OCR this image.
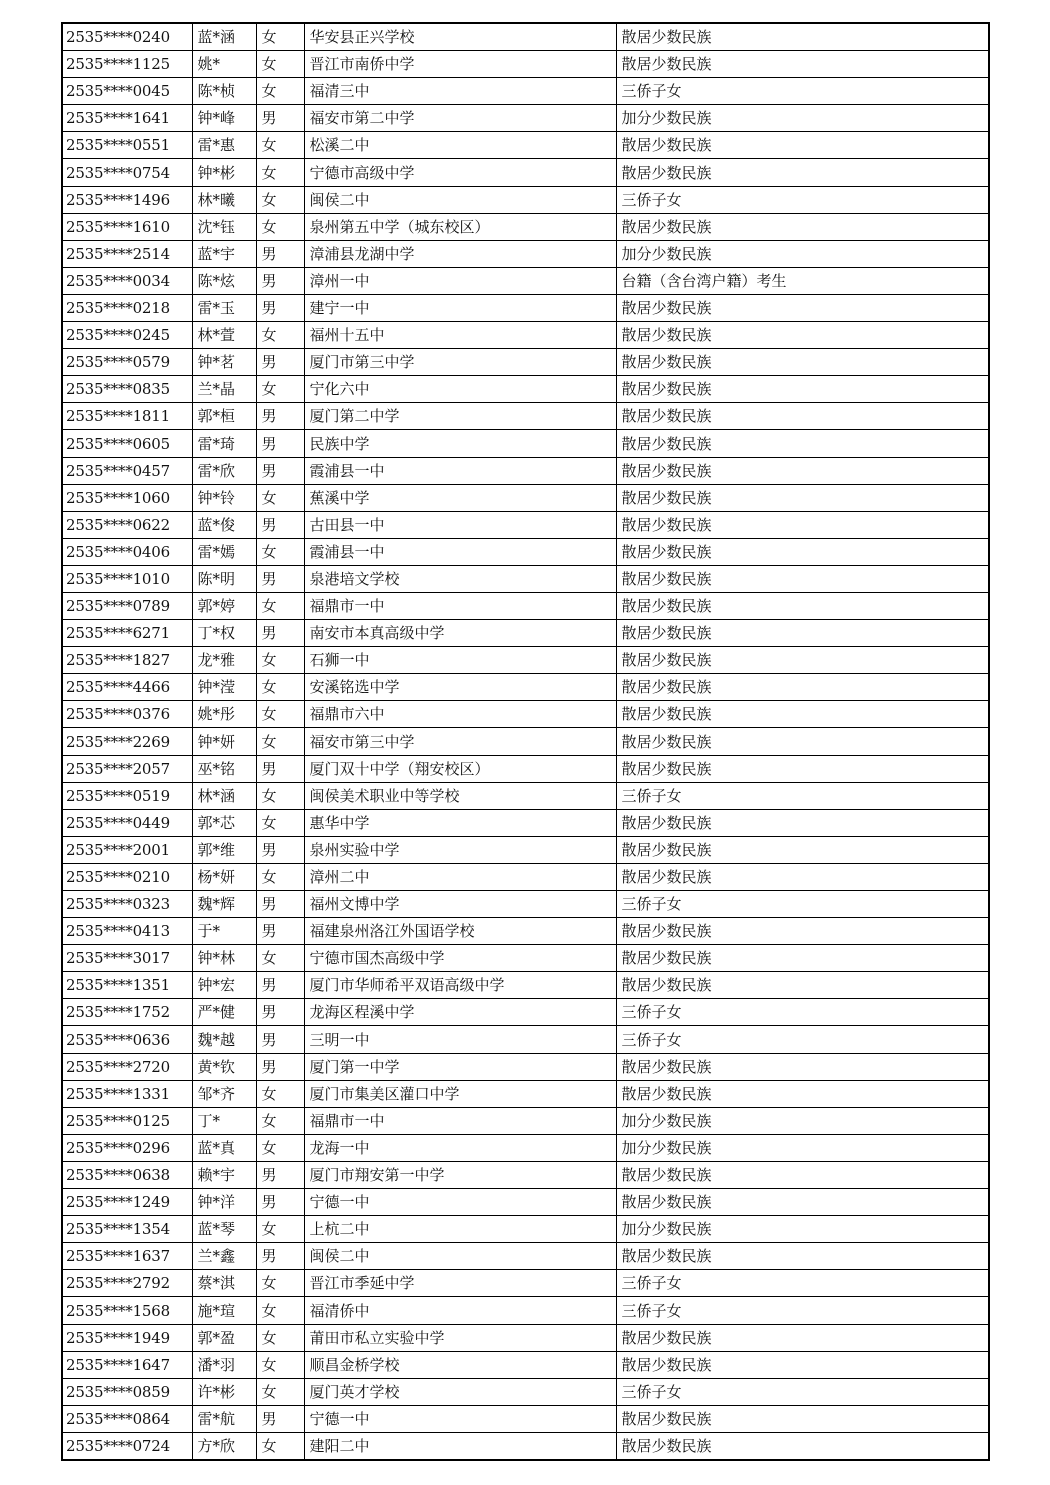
2535****0240	蓝*涵	女	华安县正兴学校	散居少数民族
2535****1125	姚*	女	晋江市南侨中学	散居少数民族
2535****0045	陈*桢	女	福清三中	三侨子女
2535****1641	钟*峰	男	福安市第二中学	加分少数民族
2535****0551	雷*惠	女	松溪二中	散居少数民族
2535****0754	钟*彬	女	宁德市高级中学	散居少数民族
2535****1496	林*曦	女	闽侯二中	三侨子女
2535****1610	沈*钰	女	泉州第五中学（城东校区）	散居少数民族
2535****2514	蓝*宇	男	漳浦县龙湖中学	加分少数民族
2535****0034	陈*炫	男	漳州一中	台籍（含台湾户籍）考生
2535****0218	雷*玉	男	建宁一中	散居少数民族
2535****0245	林*萱	女	福州十五中	散居少数民族
2535****0579	钟*茗	男	厦门市第三中学	散居少数民族
2535****0835	兰*晶	女	宁化六中	散居少数民族
2535****1811	郭*桓	男	厦门第二中学	散居少数民族
2535****0605	雷*琦	男	民族中学	散居少数民族
2535****0457	雷*欣	男	霞浦县一中	散居少数民族
2535****1060	钟*铃	女	蕉溪中学	散居少数民族
2535****0622	蓝*俊	男	古田县一中	散居少数民族
2535****0406	雷*嫣	女	霞浦县一中	散居少数民族
2535****1010	陈*明	男	泉港培文学校	散居少数民族
2535****0789	郭*婷	女	福鼎市一中	散居少数民族
2535****6271	丁*权	男	南安市本真高级中学	散居少数民族
2535****1827	龙*雅	女	石狮一中	散居少数民族
2535****4466	钟*滢	女	安溪铭选中学	散居少数民族
2535****0376	姚*彤	女	福鼎市六中	散居少数民族
2535****2269	钟*妍	女	福安市第三中学	散居少数民族
2535****2057	巫*铭	男	厦门双十中学（翔安校区）	散居少数民族
2535****0519	林*涵	女	闽侯美术职业中等学校	三侨子女
2535****0449	郭*芯	女	惠华中学	散居少数民族
2535****2001	郭*维	男	泉州实验中学	散居少数民族
2535****0210	杨*妍	女	漳州二中	散居少数民族
2535****0323	魏*辉	男	福州文博中学	三侨子女
2535****0413	于*	男	福建泉州洛江外国语学校	散居少数民族
2535****3017	钟*林	女	宁德市国杰高级中学	散居少数民族
2535****1351	钟*宏	男	厦门市华师希平双语高级中学	散居少数民族
2535****1752	严*健	男	龙海区程溪中学	三侨子女
2535****0636	魏*越	男	三明一中	三侨子女
2535****2720	黄*钦	男	厦门第一中学	散居少数民族
2535****1331	邹*齐	女	厦门市集美区灌口中学	散居少数民族
2535****0125	丁*	女	福鼎市一中	加分少数民族
2535****0296	蓝*真	女	龙海一中	加分少数民族
2535****0638	赖*宇	男	厦门市翔安第一中学	散居少数民族
2535****1249	钟*洋	男	宁德一中	散居少数民族
2535****1354	蓝*琴	女	上杭二中	加分少数民族
2535****1637	兰*鑫	男	闽侯二中	散居少数民族
2535****2792	蔡*淇	女	晋江市季延中学	三侨子女
2535****1568	施*瑄	女	福清侨中	三侨子女
2535****1949	郭*盈	女	莆田市私立实验中学	散居少数民族
2535****1647	潘*羽	女	顺昌金桥学校	散居少数民族
2535****0859	许*彬	女	厦门英才学校	三侨子女
2535****0864	雷*航	男	宁德一中	散居少数民族
2535****0724	方*欣	女	建阳二中	散居少数民族
